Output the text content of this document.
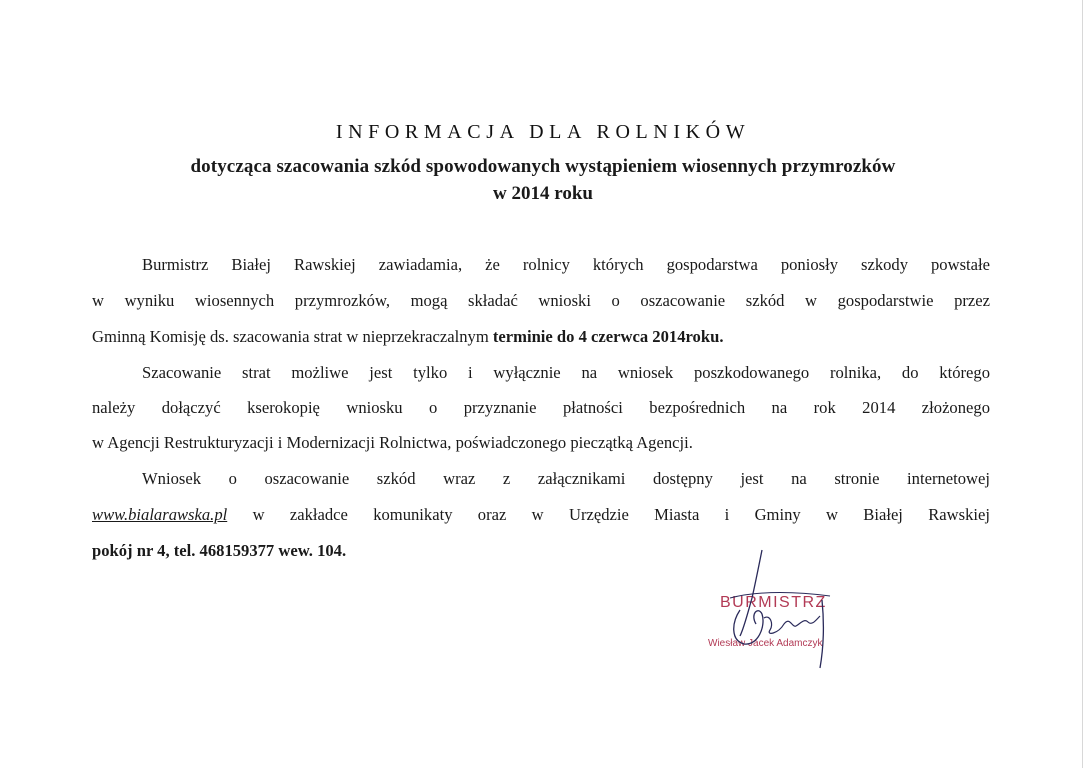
INFORMACJA DLA ROLNIKÓW
dotycząca szacowania szkód spowodowanych wystąpieniem wiosennych przymrozków
w 2014 roku
Burmistrz Białej Rawskiej zawiadamia, że rolnicy których gospodarstwa poniosły szkody powstałe
w wyniku wiosennych przymrozków, mogą składać wnioski o oszacowanie szkód w gospodarstwie przez
Gminną Komisję ds. szacowania strat w nieprzekraczalnym terminie do 4 czerwca 2014roku.
Szacowanie strat możliwe jest tylko i wyłącznie na wniosek poszkodowanego rolnika, do którego
należy dołączyć kserokopię wniosku o przyznanie płatności bezpośrednich na rok 2014 złożonego
w Agencji Restrukturyzacji i Modernizacji Rolnictwa, poświadczonego pieczątką Agencji.
Wniosek o oszacowanie szkód wraz z załącznikami dostępny jest na stronie internetowej
www.bialarawska.pl w zakładce komunikaty oraz w Urzędzie Miasta i Gminy w Białej Rawskiej
pokój nr 4, tel. 468159377 wew. 104.
BURMISTRZ
Wiesław Jacek Adamczyk
